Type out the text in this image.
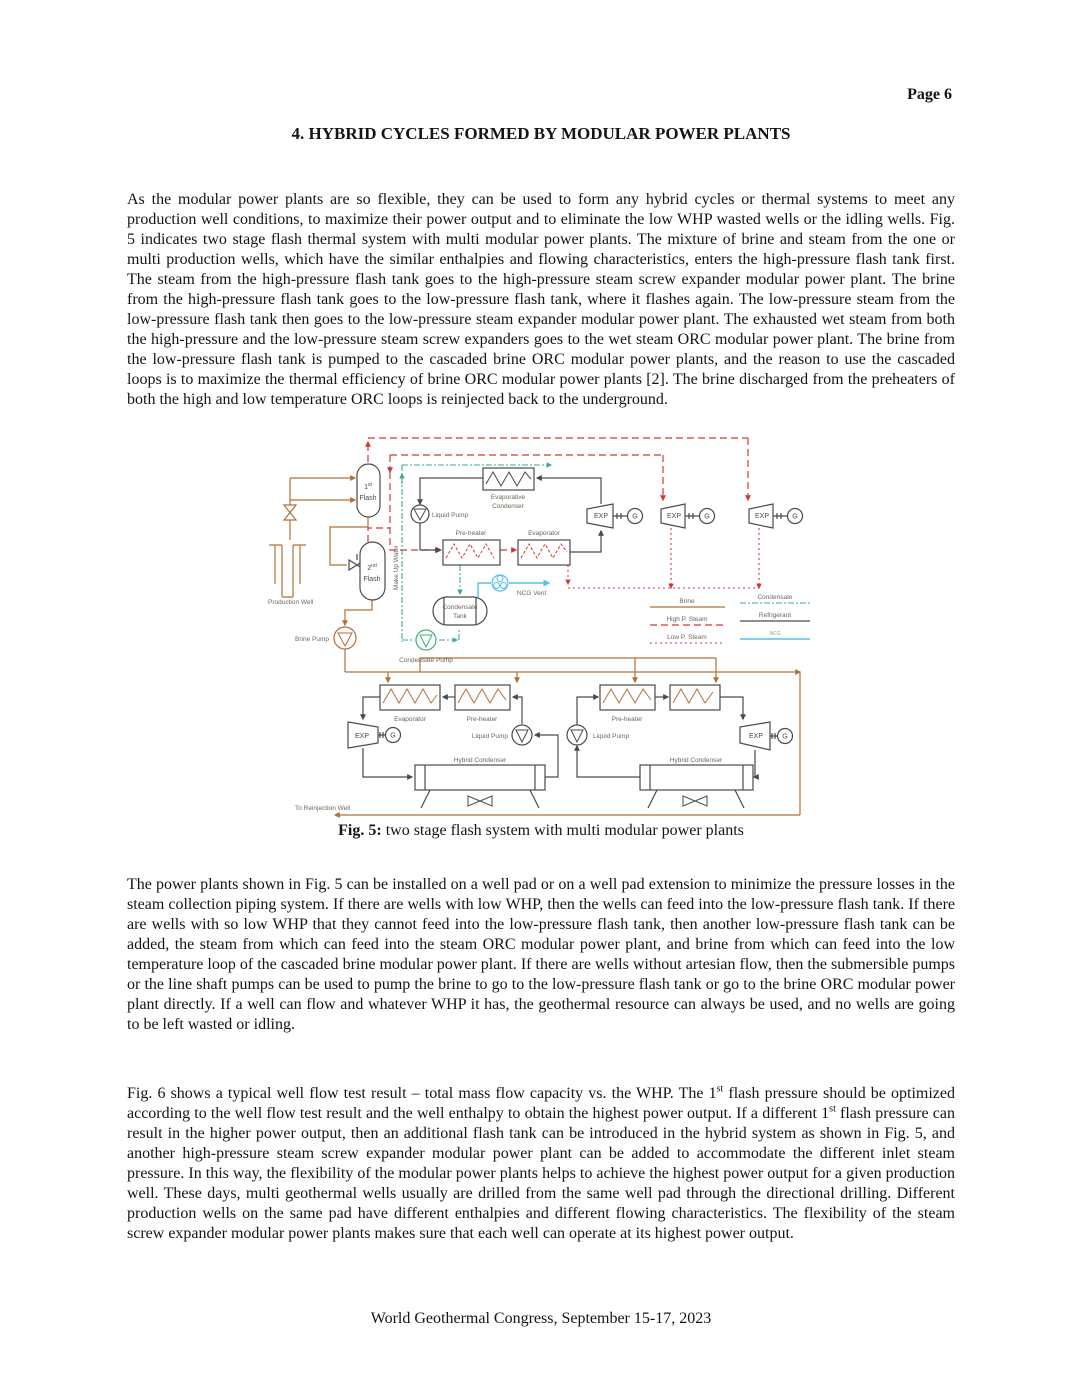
Page 6
4. HYBRID CYCLES FORMED BY MODULAR POWER PLANTS

As the modular power plants are so flexible, they can be used to form any hybrid cycles or thermal systems to meet any production well conditions, to maximize their power output and to eliminate the low WHP wasted wells or the idling wells. Fig. 5 indicates two stage flash thermal system with multi modular power plants. The mixture of brine and steam from the one or multi production wells, which have the similar enthalpies and flowing characteristics, enters the high-pressure flash tank first. The steam from the high-pressure flash tank goes to the high-pressure steam screw expander modular power plant. The brine from the high-pressure flash tank goes to the low-pressure flash tank, where it flashes again. The low-pressure steam from the low-pressure flash tank then goes to the low-pressure steam expander modular power plant. The exhausted wet steam from both the high-pressure and the low-pressure steam screw expanders goes to the wet steam ORC modular power plant. The brine from the low-pressure flash tank is pumped to the cascaded brine ORC modular power plants, and the reason to use the cascaded loops is to maximize the thermal efficiency of brine ORC modular power plants [2]. The brine discharged from the preheaters of both the high and low temperature ORC loops is reinjected back to the underground.

Production Well
1st
Flash
2nd
Flash
Brine Pump
Make Up Water
Liquid Pump
Evaporative
Condenser
Pre-heater	Evaporator
Condensate
Tank
Condensate Pump
NCG Vent
EXP	G	EXP	G	EXP	G
Brine
High P. Steam
Low P. Steam
Condensate
Refrigerant
NCG
Evaporator	Pre-heater
EXP	G	Liquid Pump
Hybrid Condenser
Pre-heater
Liquid Pump	EXP	G
Hybrid Condenser
To Reinjection Well
Fig. 5: two stage flash system with multi modular power plants

The power plants shown in Fig. 5 can be installed on a well pad or on a well pad extension to minimize the pressure losses in the steam collection piping system. If there are wells with low WHP, then the wells can feed into the low-pressure flash tank. If there are wells with so low WHP that they cannot feed into the low-pressure flash tank, then another low-pressure flash tank can be added, the steam from which can feed into the steam ORC modular power plant, and brine from which can feed into the low temperature loop of the cascaded brine modular power plant. If there are wells without artesian flow, then the submersible pumps or the line shaft pumps can be used to pump the brine to go to the low-pressure flash tank or go to the brine ORC modular power plant directly. If a well can flow and whatever WHP it has, the geothermal resource can always be used, and no wells are going to be left wasted or idling.

Fig. 6 shows a typical well flow test result – total mass flow capacity vs. the WHP. The 1st flash pressure should be optimized according to the well flow test result and the well enthalpy to obtain the highest power output. If a different 1st flash pressure can result in the higher power output, then an additional flash tank can be introduced in the hybrid system as shown in Fig. 5, and another high-pressure steam screw expander modular power plant can be added to accommodate the different inlet steam pressure. In this way, the flexibility of the modular power plants helps to achieve the highest power output for a given production well. These days, multi geothermal wells usually are drilled from the same well pad through the directional drilling. Different production wells on the same pad have different enthalpies and different flowing characteristics. The flexibility of the steam screw expander modular power plants makes sure that each well can operate at its highest power output.

World Geothermal Congress, September 15-17, 2023
